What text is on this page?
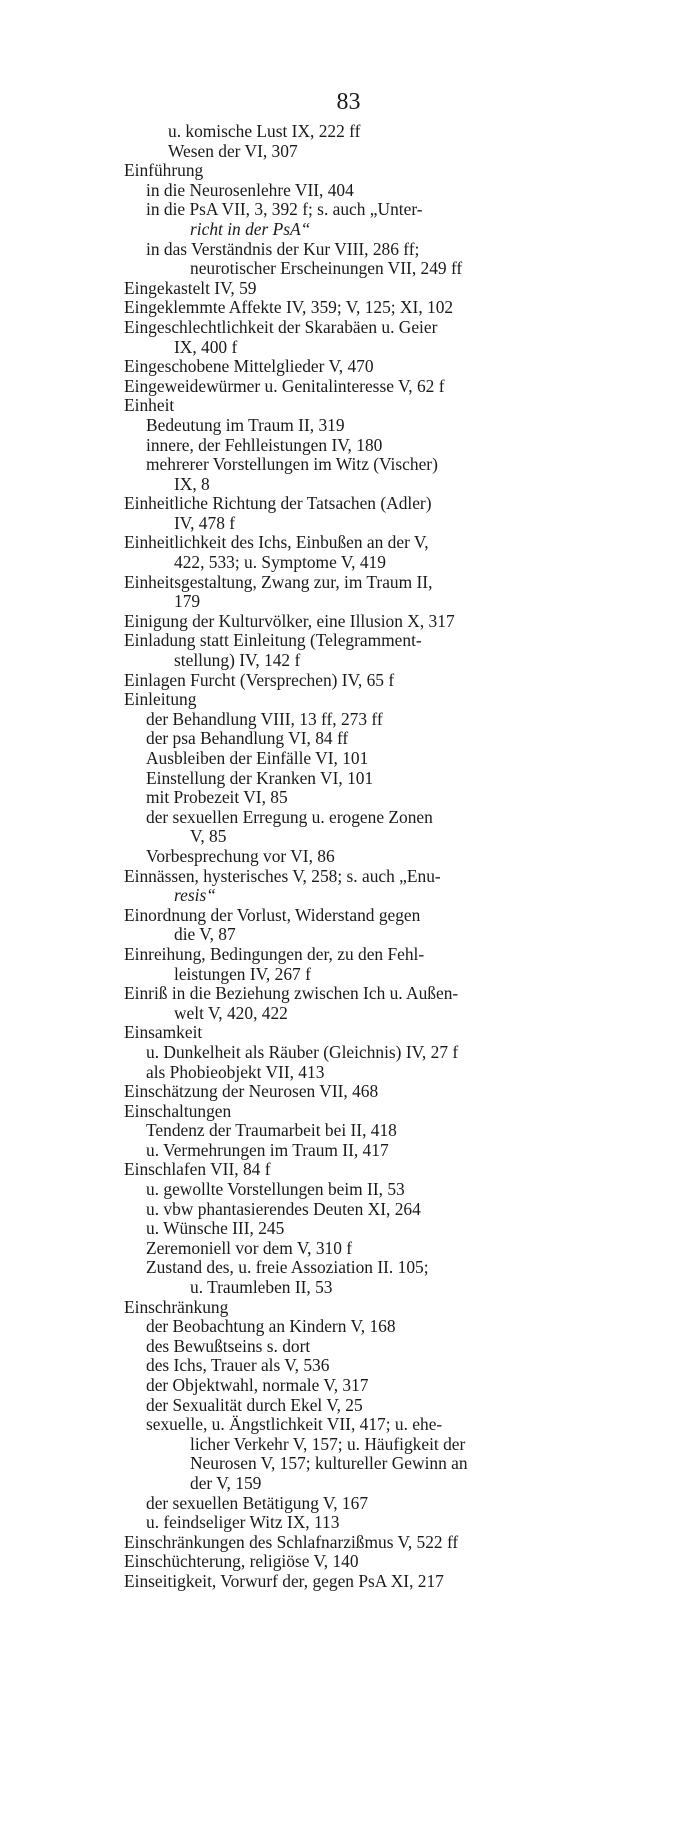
83
u. komische Lust IX, 222 ff
Wesen der VI, 307
Einführung
in die Neurosenlehre VII, 404
in die PsA VII, 3, 392 f; s. auch „Unter-
richt in der PsA“
in das Verständnis der Kur VIII, 286 ff;
neurotischer Erscheinungen VII, 249 ff
Eingekastelt IV, 59
Eingeklemmte Affekte IV, 359; V, 125; XI, 102
Eingeschlechtlichkeit der Skarabäen u. Geier
IX, 400 f
Eingeschobene Mittelglieder V, 470
Eingeweidewürmer u. Genitalinteresse V, 62 f
Einheit
Bedeutung im Traum II, 319
innere, der Fehlleistungen IV, 180
mehrerer Vorstellungen im Witz (Vischer)
IX, 8
Einheitliche Richtung der Tatsachen (Adler)
IV, 478 f
Einheitlichkeit des Ichs, Einbußen an der V,
422, 533; u. Symptome V, 419
Einheitsgestaltung, Zwang zur, im Traum II,
179
Einigung der Kulturvölker, eine Illusion X, 317
Einladung statt Einleitung (Telegramment-
stellung) IV, 142 f
Einlagen Furcht (Versprechen) IV, 65 f
Einleitung
der Behandlung VIII, 13 ff, 273 ff
der psa Behandlung VI, 84 ff
Ausbleiben der Einfälle VI, 101
Einstellung der Kranken VI, 101
mit Probezeit VI, 85
der sexuellen Erregung u. erogene Zonen
V, 85
Vorbesprechung vor VI, 86
Einnässen, hysterisches V, 258; s. auch „Enu-
resis“
Einordnung der Vorlust, Widerstand gegen
die V, 87
Einreihung, Bedingungen der, zu den Fehl-
leistungen IV, 267 f
Einriß in die Beziehung zwischen Ich u. Außen-
welt V, 420, 422
Einsamkeit
u. Dunkelheit als Räuber (Gleichnis) IV, 27 f
als Phobieobjekt VII, 413
Einschätzung der Neurosen VII, 468
Einschaltungen
Tendenz der Traumarbeit bei II, 418
u. Vermehrungen im Traum II, 417
Einschlafen VII, 84 f
u. gewollte Vorstellungen beim II, 53
u. vbw phantasierendes Deuten XI, 264
u. Wünsche III, 245
Zeremoniell vor dem V, 310 f
Zustand des, u. freie Assoziation II. 105;
u. Traumleben II, 53
Einschränkung
der Beobachtung an Kindern V, 168
des Bewußtseins s. dort
des Ichs, Trauer als V, 536
der Objektwahl, normale V, 317
der Sexualität durch Ekel V, 25
sexuelle, u. Ängstlichkeit VII, 417; u. ehe-
licher Verkehr V, 157; u. Häufigkeit der
Neurosen V, 157; kultureller Gewinn an
der V, 159
der sexuellen Betätigung V, 167
u. feindseliger Witz IX, 113
Einschränkungen des Schlafnarzißmus V, 522 ff
Einschüchterung, religiöse V, 140
Einseitigkeit, Vorwurf der, gegen PsA XI, 217
